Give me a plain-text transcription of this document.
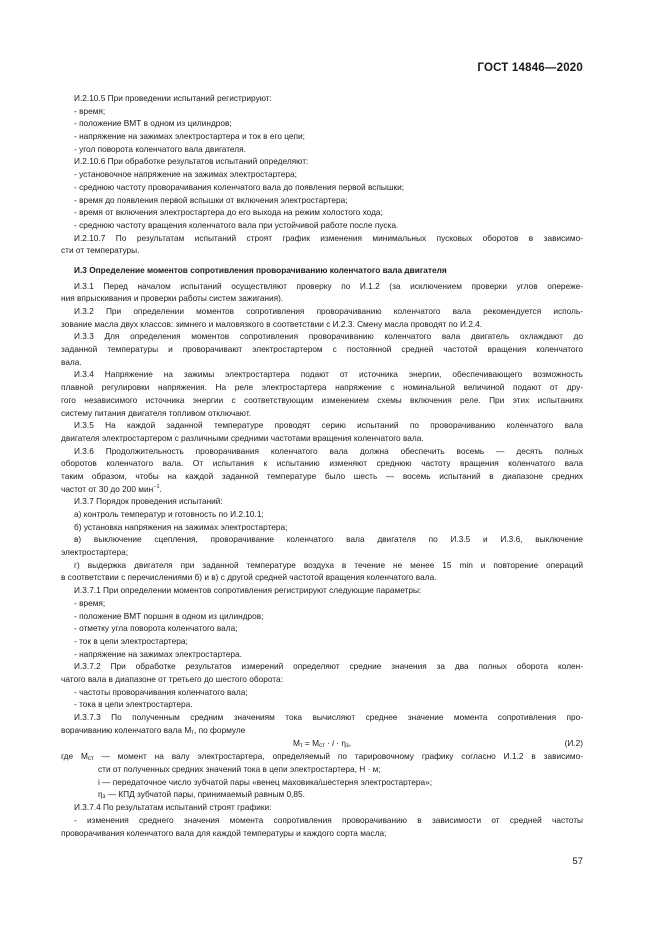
ГОСТ 14846—2020
И.2.10.5 При проведении испытаний регистрируют:
- время;
- положение ВМТ в одном из цилиндров;
- напряжение на зажимах электростартера и ток в его цепи;
- угол поворота коленчатого вала двигателя.
И.2.10.6 При обработке результатов испытаний определяют:
- установочное напряжение на зажимах электростартера;
- среднюю частоту проворачивания коленчатого вала до появления первой вспышки;
- время до появления первой вспышки от включения электростартера;
- время от включения электростартера до его выхода на режим холостого хода;
- среднюю частоту вращения коленчатого вала при устойчивой работе после пуска.
И.2.10.7 По результатам испытаний строят график изменения минимальных пусковых оборотов в зависимо-
сти от температуры.
И.3 Определение моментов сопротивления проворачиванию коленчатого вала двигателя
И.3.1 Перед началом испытаний осуществляют проверку по И.1.2 (за исключением проверки углов опереже-
ния впрыскивания и проверки работы систем зажигания).
И.3.2 При определении моментов сопротивления проворачиванию коленчатого вала рекомендуется исполь-
зование масла двух классов: зимнего и маловязкого в соответствии с И.2.3. Смену масла проводят по И.2.4.
И.3.3 Для определения моментов сопротивления проворачиванию коленчатого вала двигатель охлаждают до
заданной температуры и проворачивают электростартером с постоянной средней частотой вращения коленчатого
вала.
И.3.4 Напряжение на зажимы электростартера подают от источника энергии, обеспечивающего возможность
плавной регулировки напряжения. На реле электростартера напряжение с номинальной величиной подают от дру-
гого независимого источника энергии с соответствующим изменением схемы включения реле. При этих испытаниях
систему питания двигателя топливом отключают.
И.3.5 На каждой заданной температуре проводят серию испытаний по проворачиванию коленчатого вала
двигателя электростартером с различными средними частотами вращения коленчатого вала.
И.3.6 Продолжительность проворачивания коленчатого вала должна обеспечить восемь — десять полных
оборотов коленчатого вала. От испытания к испытанию изменяют среднюю частоту вращения коленчатого вала
таким образом, чтобы на каждой заданной температуре было шесть — восемь испытаний в диапазоне средних
частот от 30 до 200 мин$^{-1}$.
И.3.7 Порядок проведения испытаний:
а) контроль температур и готовность по И.2.10.1;
б) установка напряжения на зажимах электростартера;
в) выключение сцепления, проворачивание коленчатого вала двигателя по И.3.5 и И.3.6, выключение
электростартера;
г) выдержка двигателя при заданной температуре воздуха в течение не менее 15 min и повторение операций
в соответствии с перечислениями б) и в) с другой средней частотой вращения коленчатого вала.
И.3.7.1 При определении моментов сопротивления регистрируют следующие параметры:
- время;
- положение ВМТ поршня в одном из цилиндров;
- отметку угла поворота коленчатого вала;
- ток в цепи электростартера;
- напряжение на зажимах электростартера.
И.3.7.2 При обработке результатов измерений определяют средние значения за два полных оборота колен-
чатого вала в диапазоне от третьего до шестого оборота:
- частоты проворачивания коленчатого вала;
- тока в цепи электростартера.
И.3.7.3 По полученным средним значениям тока вычисляют среднее значение момента сопротивления про-
ворачиванию коленчатого вала $М_т$, по формуле
$М_т = М_{ст} \cdot i \cdot \eta_з$,	(И.2)
где $М_{ст}$ — момент на валу электростартера, определяемый по тарировочному графику согласно И.1.2 в зависимо-
сти от полученных средних значений тока в цепи электростартера, Н · м;
i — передаточное число зубчатой пары «венец маховика/шестерня электростартера»;
$\eta_з$ — КПД зубчатой пары, принимаемый равным 0,85.
И.3.7.4 По результатам испытаний строят графики:
- изменения среднего значения момента сопротивления проворачиванию в зависимости от средней частоты
проворачивания коленчатого вала для каждой температуры и каждого сорта масла;
57
